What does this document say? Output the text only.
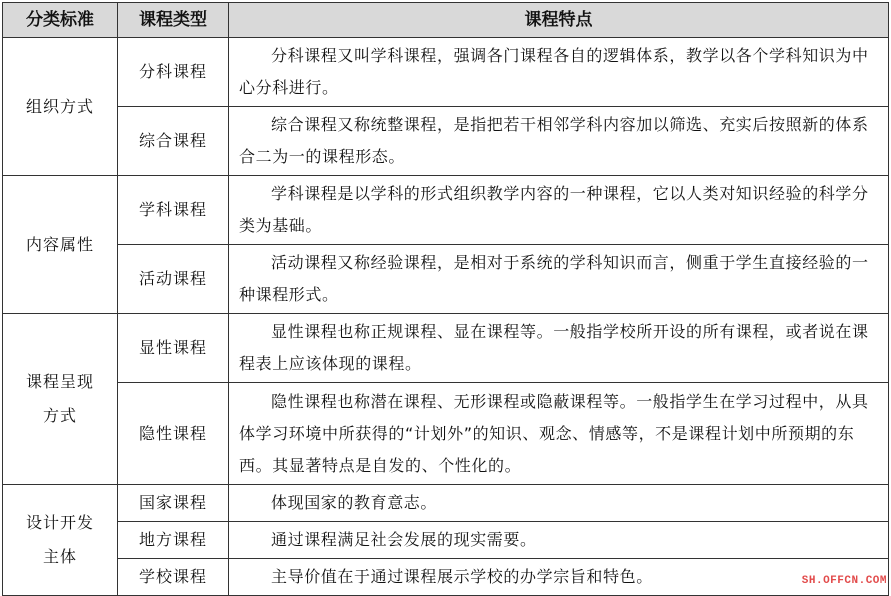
分类标准	课程类型	课程特点

组织方式	分科课程	分科课程又叫学科课程，强调各门课程各自的逻辑体系，教学以各个学科知识为中心分科进行。
	综合课程	综合课程又称统整课程，是指把若干相邻学科内容加以筛选、充实后按照新的体系合二为一的课程形态。

内容属性	学科课程	学科课程是以学科的形式组织教学内容的一种课程，它以人类对知识经验的科学分类为基础。
	活动课程	活动课程又称经验课程，是相对于系统的学科知识而言，侧重于学生直接经验的一种课程形式。

课程呈现
方式	显性课程	显性课程也称正规课程、显在课程等。一般指学校所开设的所有课程，或者说在课程表上应该体现的课程。
	隐性课程	隐性课程也称潜在课程、无形课程或隐蔽课程等。一般指学生在学习过程中，从具体学习环境中所获得的“计划外”的知识、观念、情感等，不是课程计划中所预期的东西。其显著特点是自发的、个性化的。

设计开发
主体	国家课程	体现国家的教育意志。
	地方课程	通过课程满足社会发展的现实需要。
	学校课程	主导价值在于通过课程展示学校的办学宗旨和特色。	SH.OFFCN.COM
